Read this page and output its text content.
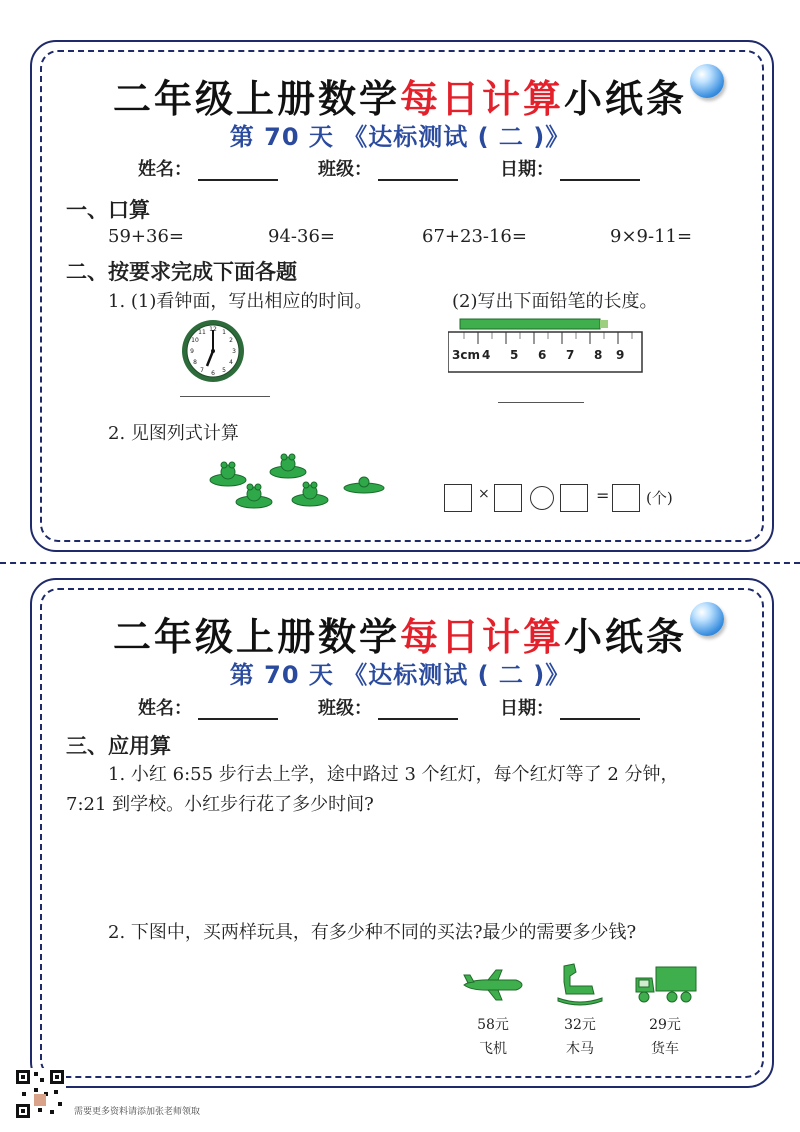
二年级上册数学每日计算小纸条
第 70 天 《达标测试 ( 二 )》
姓名：	班级：	日期：
一、口算
59+36=	94-36=	67+23-16=	9×9-11=
二、按要求完成下面各题
1. (1)看钟面，写出相应的时间。	(2)写出下面铅笔的长度。
12 1
2
3
4
5
6
7
8
9
10
11
3cm 4 5 6 7 8 9
2. 见图列式计算
×	= (个)
二年级上册数学每日计算小纸条
第 70 天 《达标测试 ( 二 )》
姓名：	班级：	日期：
三、应用算
1. 小红 6:55 步行去上学，途中路过 3 个红灯，每个红灯等了 2 分钟，
7:21 到学校。小红步行花了多少时间?
2. 下图中，买两样玩具，有多少种不同的买法?最少的需要多少钱?
58元
飞机
32元
木马
29元
货车
需要更多资料请添加张老师领取
